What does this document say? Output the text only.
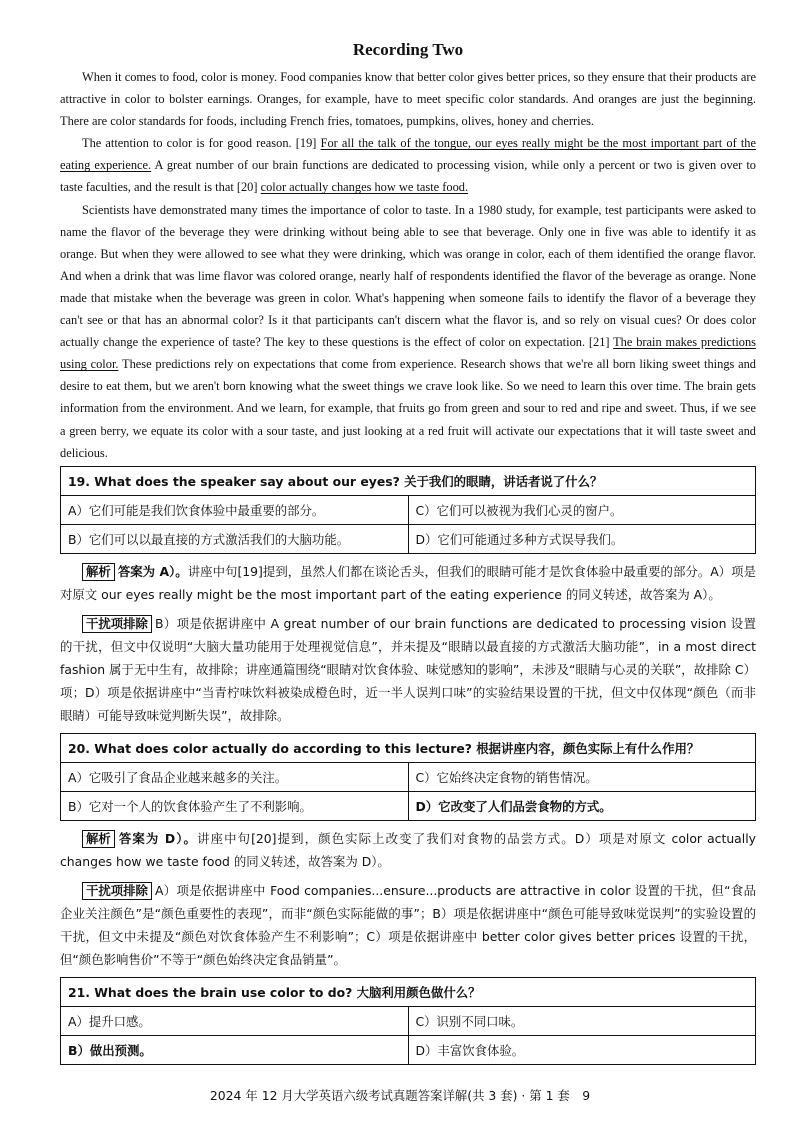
Recording Two

When it comes to food, color is money. Food companies know that better color gives better prices, so they ensure that their products are attractive in color to bolster earnings. Oranges, for example, have to meet specific color standards. And oranges are just the beginning. There are color standards for foods, including French fries, tomatoes, pumpkins, olives, honey and cherries.

The attention to color is for good reason. [19] For all the talk of the tongue, our eyes really might be the most important part of the eating experience. A great number of our brain functions are dedicated to processing vision, while only a percent or two is given over to taste faculties, and the result is that [20] color actually changes how we taste food.

Scientists have demonstrated many times the importance of color to taste. In a 1980 study, for example, test participants were asked to name the flavor of the beverage they were drinking without being able to see that beverage. Only one in five was able to identify it as orange. But when they were allowed to see what they were drinking, which was orange in color, each of them identified the orange flavor. And when a drink that was lime flavor was colored orange, nearly half of respondents identified the flavor of the beverage as orange. None made that mistake when the beverage was green in color. What's happening when someone fails to identify the flavor of a beverage they can't see or that has an abnormal color? Is it that participants can't discern what the flavor is, and so rely on visual cues? Or does color actually change the experience of taste? The key to these questions is the effect of color on expectation. [21] The brain makes predictions using color. These predictions rely on expectations that come from experience. Research shows that we're all born liking sweet things and desire to eat them, but we aren't born knowing what the sweet things we crave look like. So we need to learn this over time. The brain gets information from the environment. And we learn, for example, that fruits go from green and sour to red and ripe and sweet. Thus, if we see a green berry, we equate its color with a sour taste, and just looking at a red fruit will activate our expectations that it will taste sweet and delicious.

19. What does the speaker say about our eyes? 关于我们的眼睛，讲话者说了什么？	
A）它们可能是我们饮食体验中最重要的部分。	C）它们可以被视为我们心灵的窗户。
B）它们可以以最直接的方式激活我们的大脑功能。	D）它们可能通过多种方式误导我们。

解析 答案为 A）。讲座中句[19]提到，虽然人们都在谈论舌头，但我们的眼睛可能才是饮食体验中最重要的部分。A）项是对原文 our eyes really might be the most important part of the eating experience 的同义转述，故答案为 A）。

干扰项排除 B）项是依据讲座中 A great number of our brain functions are dedicated to processing vision 设置的干扰，但文中仅说明“大脑大量功能用于处理视觉信息”，并未提及“眼睛以最直接的方式激活大脑功能”，in a most direct fashion 属于无中生有，故排除；讲座通篇围绕“眼睛对饮食体验、味觉感知的影响”，未涉及“眼睛与心灵的关联”，故排除 C）项；D）项是依据讲座中“当青柠味饮料被染成橙色时，近一半人误判口味”的实验结果设置的干扰，但文中仅体现“颜色（而非眼睛）可能导致味觉判断失误”，故排除。

20. What does color actually do according to this lecture? 根据讲座内容，颜色实际上有什么作用？	
A）它吸引了食品企业越来越多的关注。	C）它始终决定食物的销售情况。
B）它对一个人的饮食体验产生了不利影响。	D）它改变了人们品尝食物的方式。

解析 答案为 D）。讲座中句[20]提到，颜色实际上改变了我们对食物的品尝方式。D）项是对原文 color actually changes how we taste food 的同义转述，故答案为 D）。

干扰项排除 A）项是依据讲座中 Food companies...ensure...products are attractive in color 设置的干扰，但“食品企业关注颜色”是“颜色重要性的表现”，而非“颜色实际能做的事”；B）项是依据讲座中“颜色可能导致味觉误判”的实验设置的干扰，但文中未提及“颜色对饮食体验产生不利影响”；C）项是依据讲座中 better color gives better prices 设置的干扰，但“颜色影响售价”不等于“颜色始终决定食品销量”。

21. What does the brain use color to do? 大脑利用颜色做什么？	
A）提升口感。	C）识别不同口味。
B）做出预测。	D）丰富饮食体验。
2024 年 12 月大学英语六级考试真题答案详解(共 3 套) · 第 1 套　9
